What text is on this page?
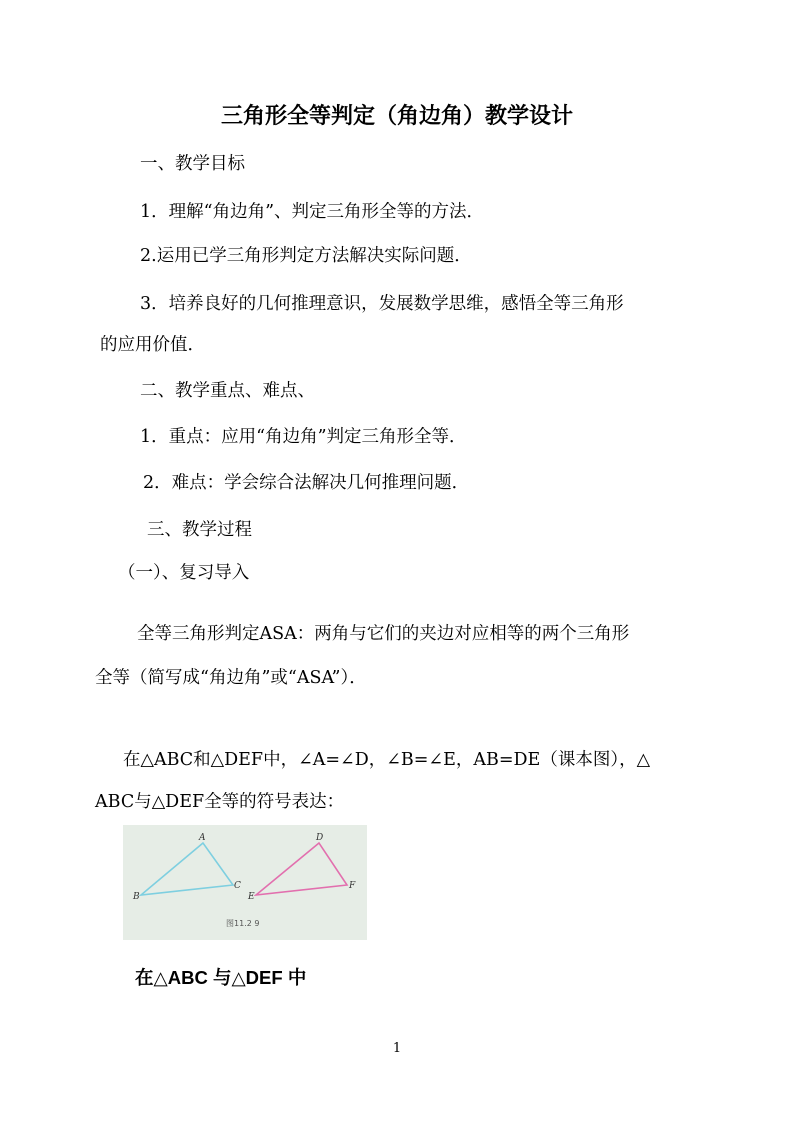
三角形全等判定（角边角）教学设计

一、教学目标

1．理解“角边角”、判定三角形全等的方法．

2.运用已学三角形判定方法解决实际问题．

3．培养良好的几何推理意识，发展数学思维，感悟全等三角形

的应用价值．

二、教学重点、难点、

1．重点：应用“角边角”判定三角形全等．

2．难点：学会综合法解决几何推理问题．

三、教学过程

（一）、复习导入

全等三角形判定ASA：两角与它们的夹边对应相等的两个三角形

全等（简写成“角边角”或“ASA”）．

在△ABC和△DEF中，∠A=∠D，∠B=∠E，AB=DE（课本图），△

ABC与△DEF全等的符号表达：

A
B
C
D
E
F
图11.2 9
在△ABC 与△DEF 中
1
